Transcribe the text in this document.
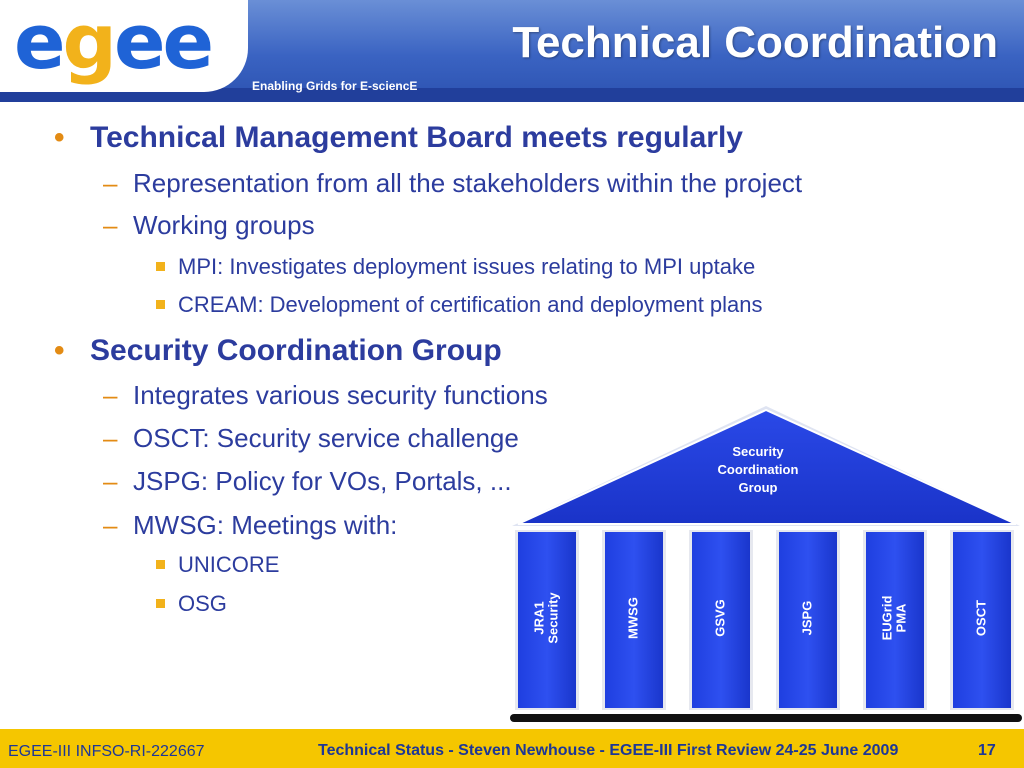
egee	Enabling Grids for E-sciencE
Technical Coordination
• Technical Management Board meets regularly
– Representation from all the stakeholders within the project
– Working groups
MPI: Investigates deployment issues relating to MPI uptake
CREAM: Development of certification and deployment plans
• Security Coordination Group
– Integrates various security functions
– OSCT: Security service challenge
– JSPG: Policy for VOs, Portals, ...
– MWSG: Meetings with:
UNICORE
OSG
Security
Coordination
Group
JRA1 Security	MWSG	GSVG	JSPG	EUGrid PMA	OSCT
EGEE-III INFSO-RI-222667	Technical Status - Steven Newhouse - EGEE-III First Review 24-25 June 2009	17
